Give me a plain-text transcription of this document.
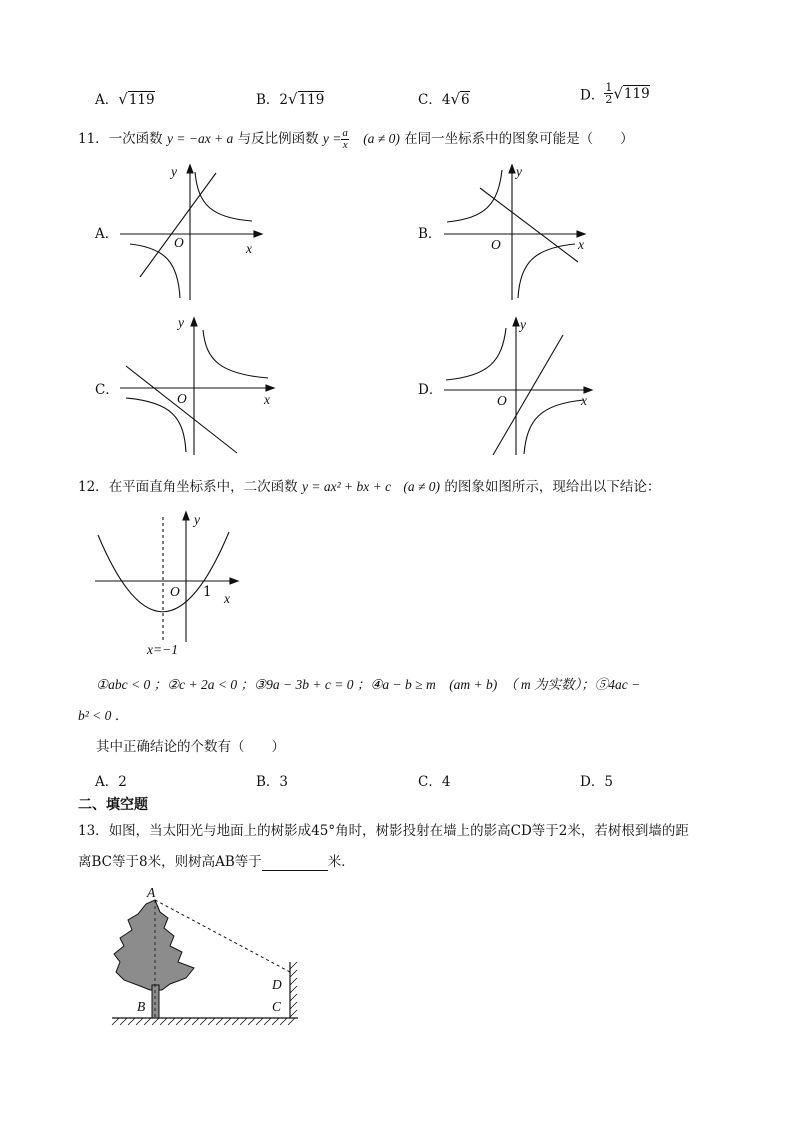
A．√119	B．2√119	C．4√6	D． $\frac{1}{2} √119$
11．一次函数 y = −ax + a 与反比例函数 $y = \frac{a}{x} (a \ne 0)$ 在同一坐标系中的图象可能是（　　）
A．
y
x
O
B．
y
x
O
C．
y
x
O
D．
y
x
O
12．在平面直角坐标系中，二次函数 y = ax² + bx + c (a ≠ 0) 的图象如图所示，现给出以下结论：
y
x
O 1
x=−1
①abc < 0 ；②c + 2a < 0 ；③9a − 3b + c = 0 ；④a − b ≥ m　(am + b)　（ m 为实数）；⑤4ac −
b² < 0 ．
其中正确结论的个数有（　　）
A．2	B．3	C．4	D．5
二、填空题
13．如图，当太阳光与地面上的树影成45°角时，树影投射在墙上的影高CD等于2米，若树根到墙的距
离BC等于8米，则树高AB等于	米．
A
B	C
D
